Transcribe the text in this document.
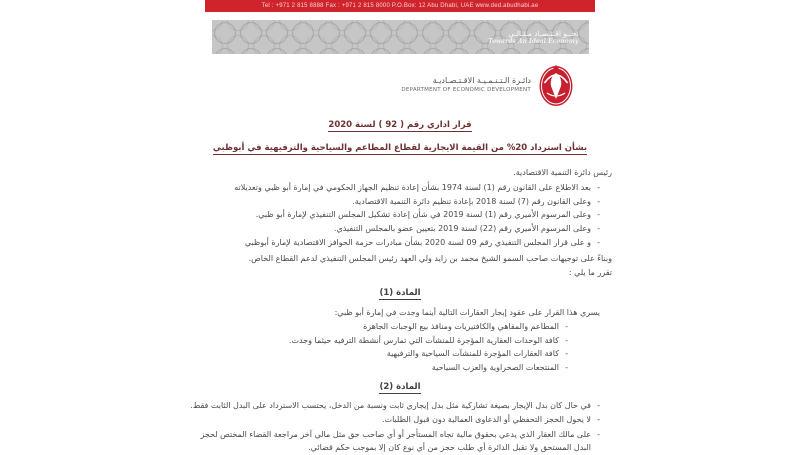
Tel : +971 2 815 8888 Fax : +971 2 815 8000 P.O.Box: 12 Abu Dhabi, UAE www.ded.abudhabi.ae
نحــو اقـتـصـاد مـثـالـي
Towards An Ideal Economy
دائـرة الـتـنـمـيـة الاقـتـصـاديـة
DEPARTMENT OF ECONOMIC DEVELOPMENT
قرار اداري رقم ( 92 ) لسنة 2020
بشأن استرداد 20% من القيمة الايجارية لقطاع المطاعم والسياحية والترفيهية في أبوظبي

رئيس دائرة التنمية الاقتصادية.

- بعد الاطلاع على القانون رقم (1) لسنة 1974 بشأن إعادة تنظيم الجهاز الحكومي في إمارة أبو ظبي وتعديلاته
- وعلى القانون رقم (7) لسنة 2018 بإعادة تنظيم دائرة التنمية الاقتصادية.
- وعلى المرسوم الأميري رقم (1) لسنة 2019 في شأن إعادة تشكيل المجلس التنفيذي لإمارة أبو ظبي.
- وعلى المرسوم الأميري رقم (22) لسنة 2019 بتعيين عضو بالمجلس التنفيذي.
- و على قرار المجلس التنفيذي رقم 09 لسنة 2020 بشأن مبادرات حزمة الحوافز الاقتصادية لإمارة أبوظبي

وبناءً على توجيهات صاحب السمو الشيخ محمد بن زايد ولي العهد رئيس المجلس التنفيذي لدعم القطاع الخاص.

تقرر ما يلي :

المادة (1)

يسري هذا القرار على عقود إيجار العقارات التالية أينما وجدت في إمارة أبو ظبي:

- المطاعم والمقاهي والكافتيريات ومنافذ بيع الوجبات الجاهزة
- كافة الوحدات العقارية المؤجرة للمنشآت التي تمارس أنشطة الترفيه حيثما وجدت.
- كافة العقارات المؤجرة للمنشآت السياحية والترفيهية
- المنتجعات الصحراوية والعزب السياحية
المادة (2)
- في حال كان بدل الإيجار بصيغة تشاركية مثل بدل إيجاري ثابت ونسبة من الدخل، يحتسب الاسترداد على البدل الثابت فقط.
- لا يحول الحجز التحفظي أو الدعاوى العمالية دون قبول الطلبات.
- على مالك العقار الذي يدعي بحقوق مالية تجاه المستأجر أو أي صاحب حق مثل مالي آخر مراجعة القضاء المختص لحجز البدل المستحق ولا تقبل الدائرة أي طلب حجز من أي نوع كان إلا بموجب حكم قضائي.
